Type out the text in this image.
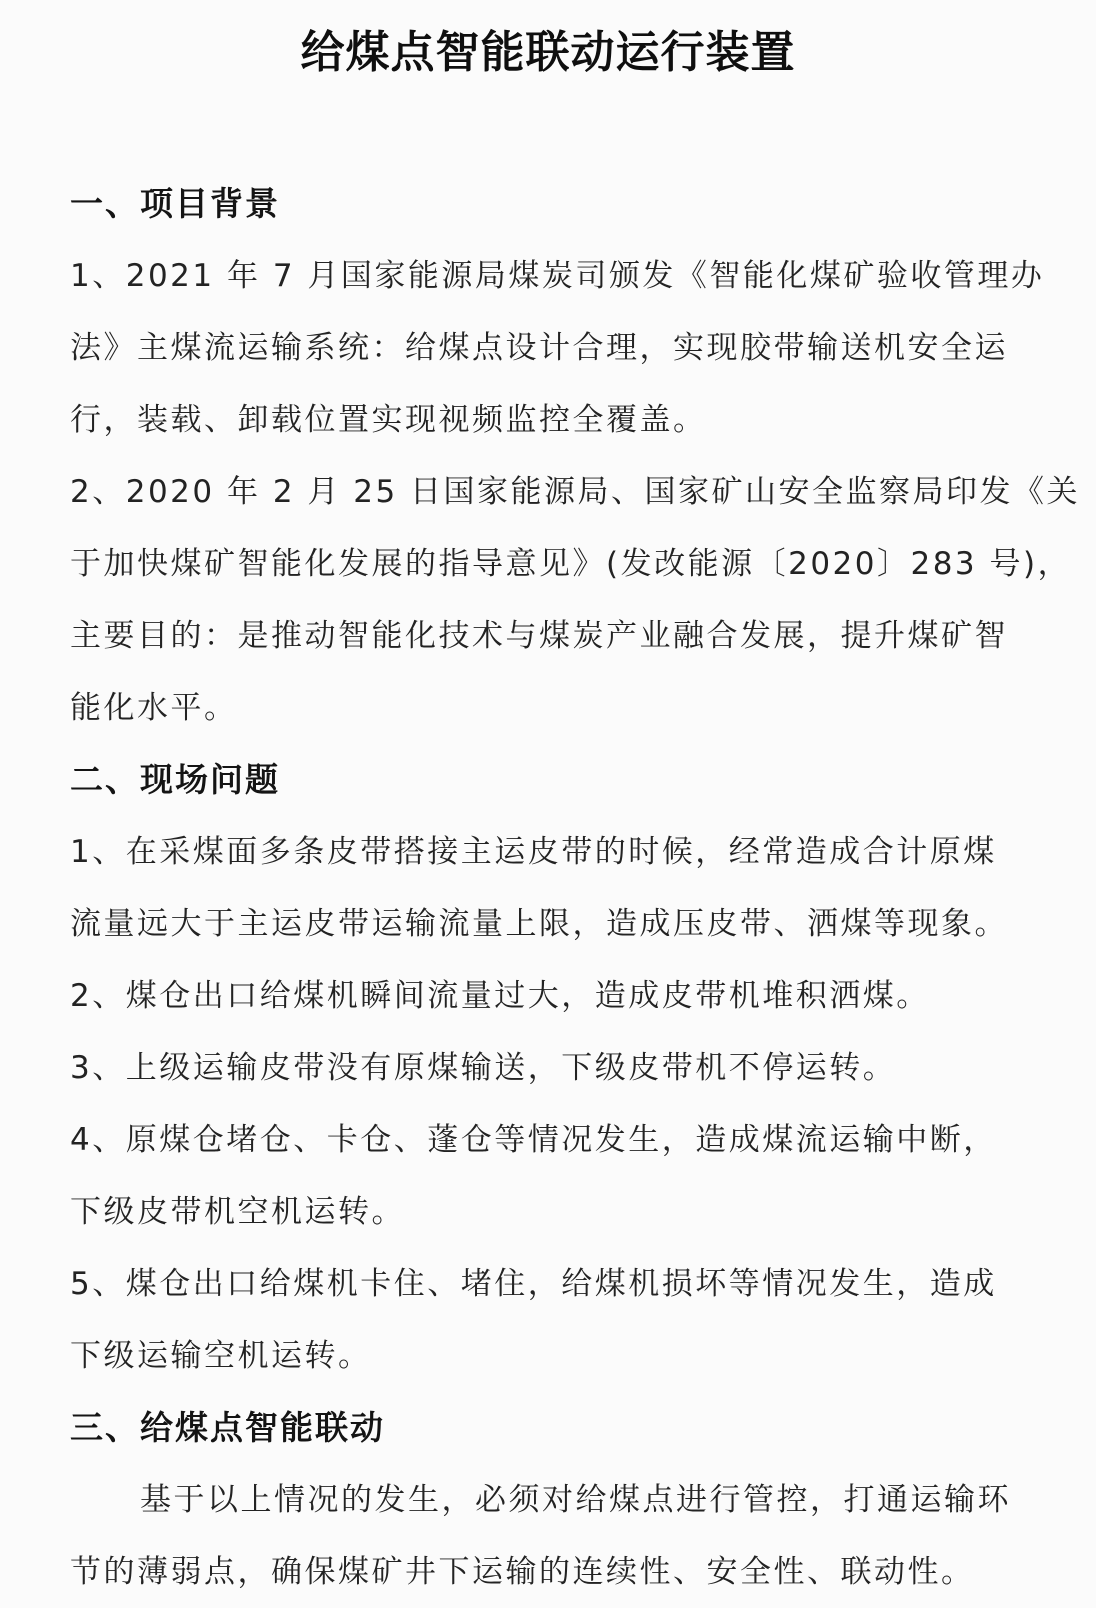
给煤点智能联动运行装置
一、项目背景
1、2021 年 7 月国家能源局煤炭司颁发《智能化煤矿验收管理办
法》主煤流运输系统：给煤点设计合理，实现胶带输送机安全运
行，装载、卸载位置实现视频监控全覆盖。
2、2020 年 2 月 25 日国家能源局、国家矿山安全监察局印发《关
于加快煤矿智能化发展的指导意见》(发改能源〔2020〕283 号)，
主要目的：是推动智能化技术与煤炭产业融合发展，提升煤矿智
能化水平。
二、现场问题
1、在采煤面多条皮带搭接主运皮带的时候，经常造成合计原煤
流量远大于主运皮带运输流量上限，造成压皮带、洒煤等现象。
2、煤仓出口给煤机瞬间流量过大，造成皮带机堆积洒煤。
3、上级运输皮带没有原煤输送，下级皮带机不停运转。
4、原煤仓堵仓、卡仓、蓬仓等情况发生，造成煤流运输中断，
下级皮带机空机运转。
5、煤仓出口给煤机卡住、堵住，给煤机损坏等情况发生，造成
下级运输空机运转。
三、给煤点智能联动
基于以上情况的发生，必须对给煤点进行管控，打通运输环
节的薄弱点，确保煤矿井下运输的连续性、安全性、联动性。
